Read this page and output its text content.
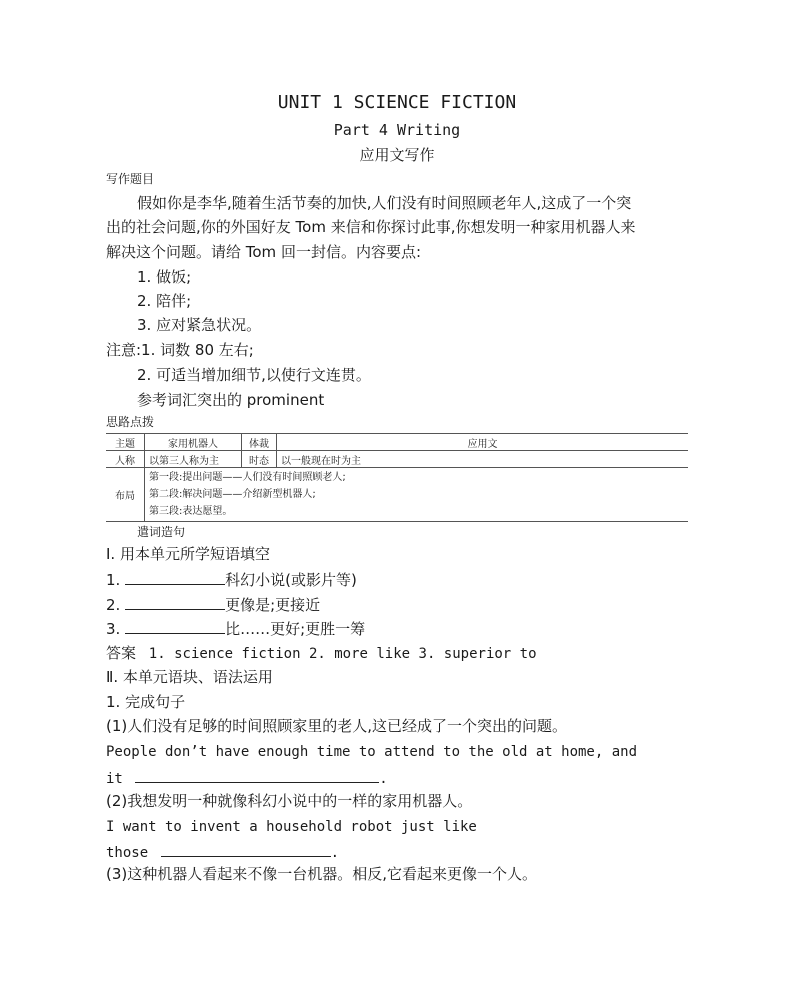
UNIT 1 SCIENCE FICTION
Part 4 Writing
应用文写作
写作题目
假如你是李华,随着生活节奏的加快,人们没有时间照顾老年人,这成了一个突
出的社会问题,你的外国好友 Tom 来信和你探讨此事,你想发明一种家用机器人来
解决这个问题。请给 Tom 回一封信。内容要点:
1. 做饭;
2. 陪伴;
3. 应对紧急状况。
注意:1. 词数 80 左右;
2. 可适当增加细节,以使行文连贯。
参考词汇突出的 prominent
思路点拨
主题	家用机器人	体裁	应用文
人称	以第三人称为主	时态	以一般现在时为主
布局	第一段:提出问题——人们没有时间照顾老人;
第二段:解决问题——介绍新型机器人;
第三段:表达愿望。		
遣词造句
Ⅰ. 用本单元所学短语填空
1.	科幻小说(或影片等)
2.	更像是;更接近
3.	比……更好;更胜一筹
答案 1. science fiction 2. more like 3. superior to
Ⅱ. 本单元语块、语法运用
1. 完成句子
(1)人们没有足够的时间照顾家里的老人,这已经成了一个突出的问题。
People don’t have enough time to attend to the old at home, and
it	.
(2)我想发明一种就像科幻小说中的一样的家用机器人。
I want to invent a household robot just like
those	.
(3)这种机器人看起来不像一台机器。相反,它看起来更像一个人。
